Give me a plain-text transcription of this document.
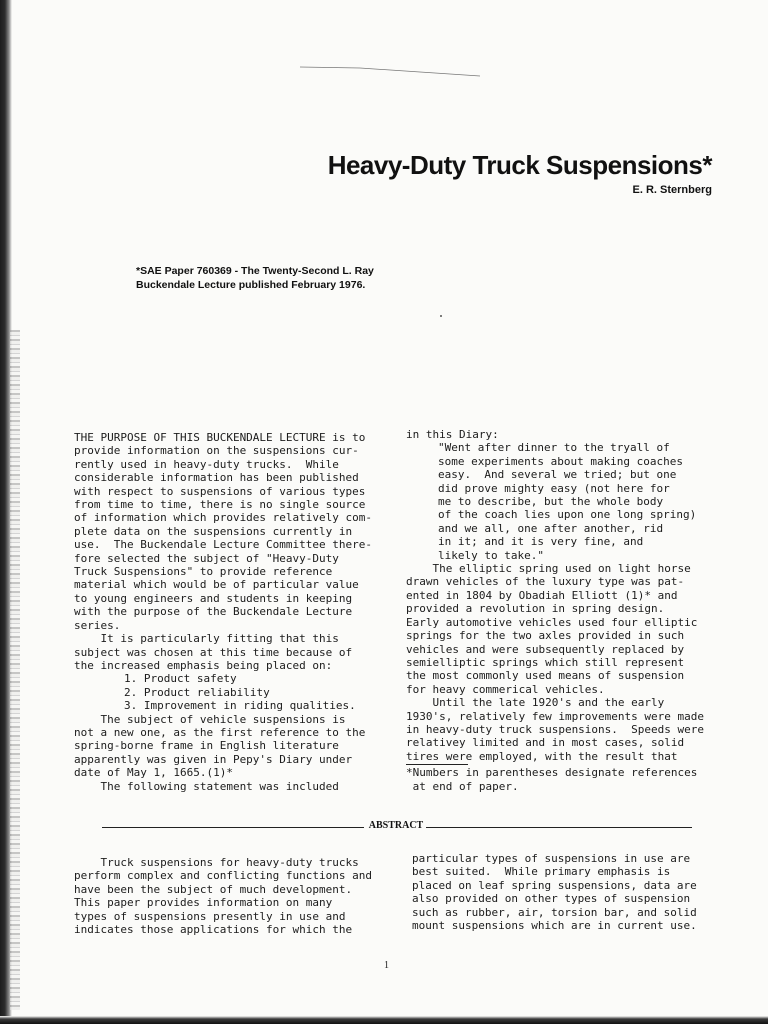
Heavy-Duty Truck Suspensions*

E. R. Sternberg

*SAE Paper 760369 - The Twenty-Second L. Ray
Buckendale Lecture published February 1976.

THE PURPOSE OF THIS BUCKENDALE LECTURE is to

provide information on the suspensions cur-

rently used in heavy-duty trucks.  While

considerable information has been published

with respect to suspensions of various types

from time to time, there is no single source

of information which provides relatively com-

plete data on the suspensions currently in

use.  The Buckendale Lecture Committee there-

fore selected the subject of "Heavy-Duty

Truck Suspensions" to provide reference

material which would be of particular value

to young engineers and students in keeping

with the purpose of the Buckendale Lecture

series.

It is particularly fitting that this

subject was chosen at this time because of

the increased emphasis being placed on:

1. Product safety

2. Product reliability

3. Improvement in riding qualities.

The subject of vehicle suspensions is

not a new one, as the first reference to the

spring-borne frame in English literature

apparently was given in Pepy's Diary under

date of May 1, 1665.(1)*

The following statement was included

in this Diary:

"Went after dinner to the tryall of

some experiments about making coaches

easy.  And several we tried; but one

did prove mighty easy (not here for

me to describe, but the whole body

of the coach lies upon one long spring)

and we all, one after another, rid

in it; and it is very fine, and

likely to take."

The elliptic spring used on light horse

drawn vehicles of the luxury type was pat-

ented in 1804 by Obadiah Elliott (1)* and

provided a revolution in spring design.

Early automotive vehicles used four elliptic

springs for the two axles provided in such

vehicles and were subsequently replaced by

semielliptic springs which still represent

the most commonly used means of suspension

for heavy commerical vehicles.

Until the late 1920's and the early

1930's, relatively few improvements were made

in heavy-duty truck suspensions.  Speeds were

relativey limited and in most cases, solid

tires were employed, with the result that

*Numbers in parentheses designate references

at end of paper.

ABSTRACT

Truck suspensions for heavy-duty trucks

perform complex and conflicting functions and

have been the subject of much development.

This paper provides information on many

types of suspensions presently in use and

indicates those applications for which the

particular types of suspensions in use are

best suited.  While primary emphasis is

placed on leaf spring suspensions, data are

also provided on other types of suspension

such as rubber, air, torsion bar, and solid

mount suspensions which are in current use.

1
